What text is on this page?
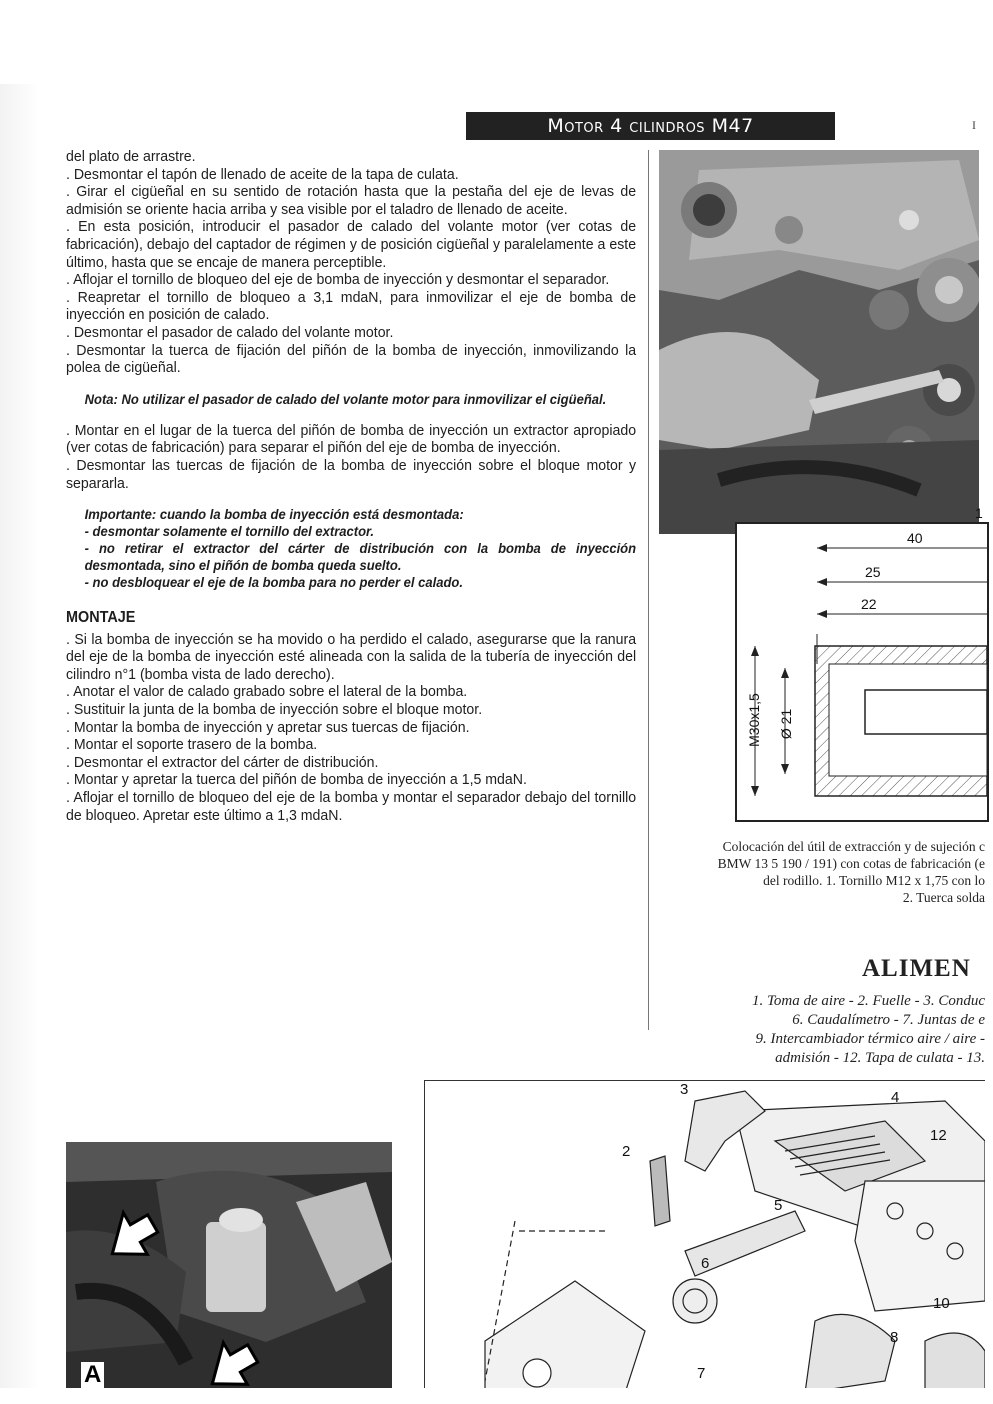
Motor 4 cilindros M47	I

del plato de arrastre.

. Desmontar el tapón de llenado de aceite de la tapa de culata.

. Girar el cigüeñal en su sentido de rotación hasta que la pestaña del eje de levas de admisión se oriente hacia arriba y sea visible por el taladro de llenado de aceite.

. En esta posición, introducir el pasador de calado del volante motor (ver cotas de fabricación), debajo del captador de régimen y de posición cigüeñal y paralelamente a este último, hasta que se encaje de manera perceptible.

. Aflojar el tornillo de bloqueo del eje de bomba de inyección y desmontar el separador.

. Reapretar el tornillo de bloqueo a 3,1 mdaN, para inmovilizar el eje de bomba de inyección en posición de calado.

. Desmontar el pasador de calado del volante motor.

. Desmontar la tuerca de fijación del piñón de la bomba de inyección, inmovilizando la polea de cigüeñal.

Nota: No utilizar el pasador de calado del volante motor para inmovilizar el cigüeñal.

. Montar en el lugar de la tuerca del piñón de bomba de inyección un extractor apropiado (ver cotas de fabricación) para separar el piñón del eje de bomba de inyección.

. Desmontar las tuercas de fijación de la bomba de inyección sobre el bloque motor y separarla.

Importante: cuando la bomba de inyección está desmontada:

- desmontar solamente el tornillo del extractor.

- no retirar el extractor del cárter de distribución con la bomba de inyección desmontada, sino el piñón de bomba queda suelto.

- no desbloquear el eje de la bomba para no perder el calado.

MONTAJE

. Si la bomba de inyección se ha movido o ha perdido el calado, asegurarse que la ranura del eje de la bomba de inyección esté alineada con la salida de la tubería de inyección del cilindro n°1 (bomba vista de lado derecho).

. Anotar el valor de calado grabado sobre el lateral de la bomba.

. Sustituir la junta de la bomba de inyección sobre el bloque motor.

. Montar la bomba de inyección y apretar sus tuercas de fijación.

. Montar el soporte trasero de la bomba.

. Desmontar el extractor del cárter de distribución.

. Montar y apretar la tuerca del piñón de bomba de inyección a 1,5 mdaN.

. Aflojar el tornillo de bloqueo del eje de la bomba y montar el separador debajo del tornillo de bloqueo. Apretar este último a 1,3 mdaN.

40
25
22
M30x1,5 Ø 21
1
Colocación del útil de extracción y de sujeción c
BMW 13 5 190 / 191) con cotas de fabricación (e
del rodillo. 1. Tornillo M12 x 1,75 con lo
2. Tuerca solda
ALIMEN
1. Toma de aire - 2. Fuelle - 3. Conduc
6. Caudalímetro - 7. Juntas de e
9. Intercambiador térmico aire / aire -
admisión - 12. Tapa de culata - 13.
A
3	4
12
2
5
6
10
8
7
